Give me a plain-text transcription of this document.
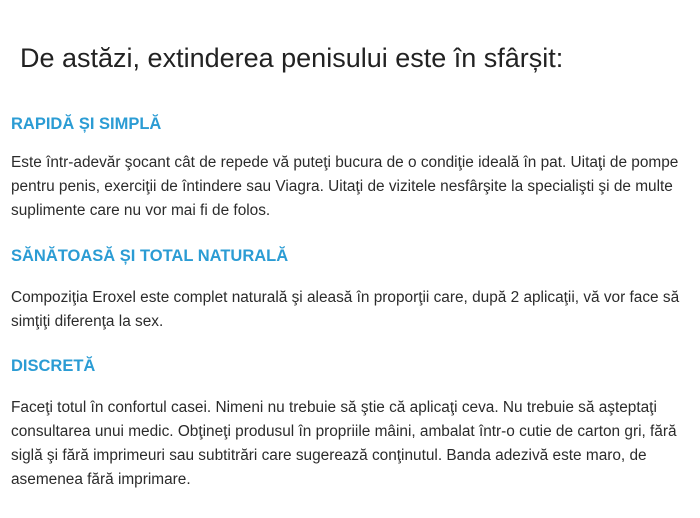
De astăzi, extinderea penisului este în sfârșit:
RAPIDĂ ȘI SIMPLĂ

Este într-adevăr şocant cât de repede vă puteţi bucura de o condiţie ideală în pat. Uitaţi de pompe pentru penis, exerciţii de întindere sau Viagra. Uitaţi de vizitele nesfârşite la specialişti şi de multe suplimente care nu vor mai fi de folos.

SĂNĂTOASĂ ȘI TOTAL NATURALĂ

Compoziţia Eroxel este complet naturală şi aleasă în proporţii care, după 2 aplicaţii, vă vor face să simţiţi diferenţa la sex.

DISCRETĂ

Faceţi totul în confortul casei. Nimeni nu trebuie să ştie că aplicaţi ceva. Nu trebuie să aşteptaţi consultarea unui medic. Obţineţi produsul în propriile mâini, ambalat într-o cutie de carton gri, fără siglă şi fără imprimeuri sau subtitrări care sugerează conţinutul. Banda adezivă este maro, de asemenea fără imprimare.
